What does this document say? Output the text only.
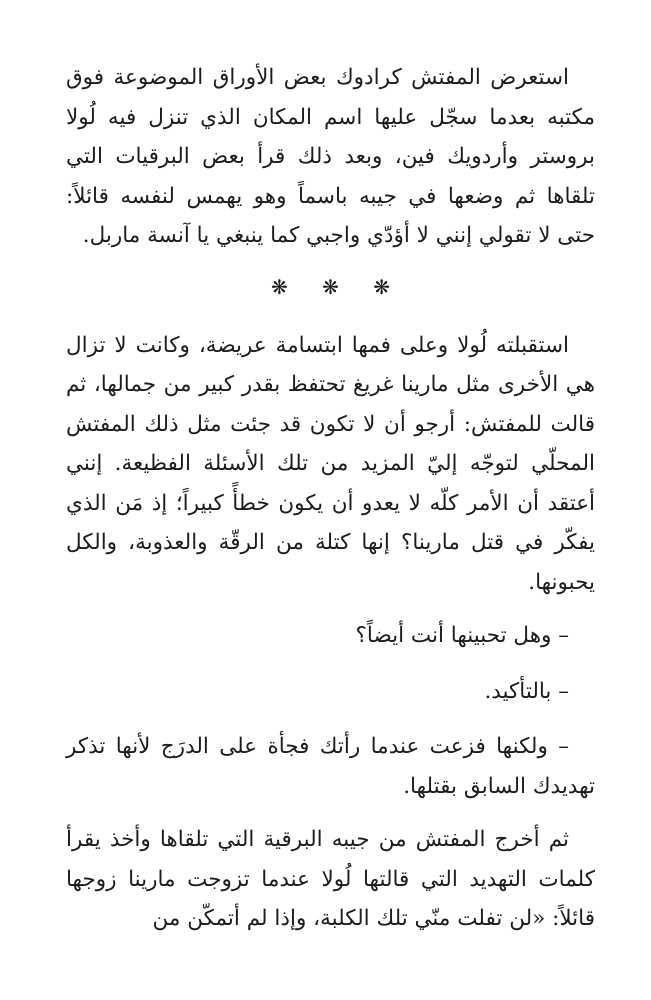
استعرض المفتش كرادوك بعض الأوراق الموضوعة فوق مكتبه بعدما سجّل عليها اسم المكان الذي تنزل فيه لُولا بروستر وأردويك فين، وبعد ذلك قرأ بعض البرقيات التي تلقاها ثم وضعها في جيبه باسماً وهو يهمس لنفسه قائلاً: حتى لا تقولي إنني لا أؤدّي واجبي كما ينبغي يا آنسة ماربل.

❋ ❋ ❋

استقبلته لُولا وعلى فمها ابتسامة عريضة، وكانت لا تزال هي الأخرى مثل مارينا غريغ تحتفظ بقدر كبير من جمالها، ثم قالت للمفتش: أرجو أن لا تكون قد جئت مثل ذلك المفتش المحلّي لتوجّه إليّ المزيد من تلك الأسئلة الفظيعة. إنني أعتقد أن الأمر كلّه لا يعدو أن يكون خطأً كبيراً؛ إذ مَن الذي يفكّر في قتل مارينا؟ إنها كتلة من الرقّة والعذوبة، والكل يحبونها.

– وهل تحبينها أنت أيضاً؟

– بالتأكيد.

– ولكنها فزعت عندما رأتك فجأة على الدرَج لأنها تذكر تهديدك السابق بقتلها.

ثم أخرج المفتش من جيبه البرقية التي تلقاها وأخذ يقرأ كلمات التهديد التي قالتها لُولا عندما تزوجت مارينا زوجها قائلاً: «لن تفلت منّي تلك الكلبة، وإذا لم أتمكّن من
